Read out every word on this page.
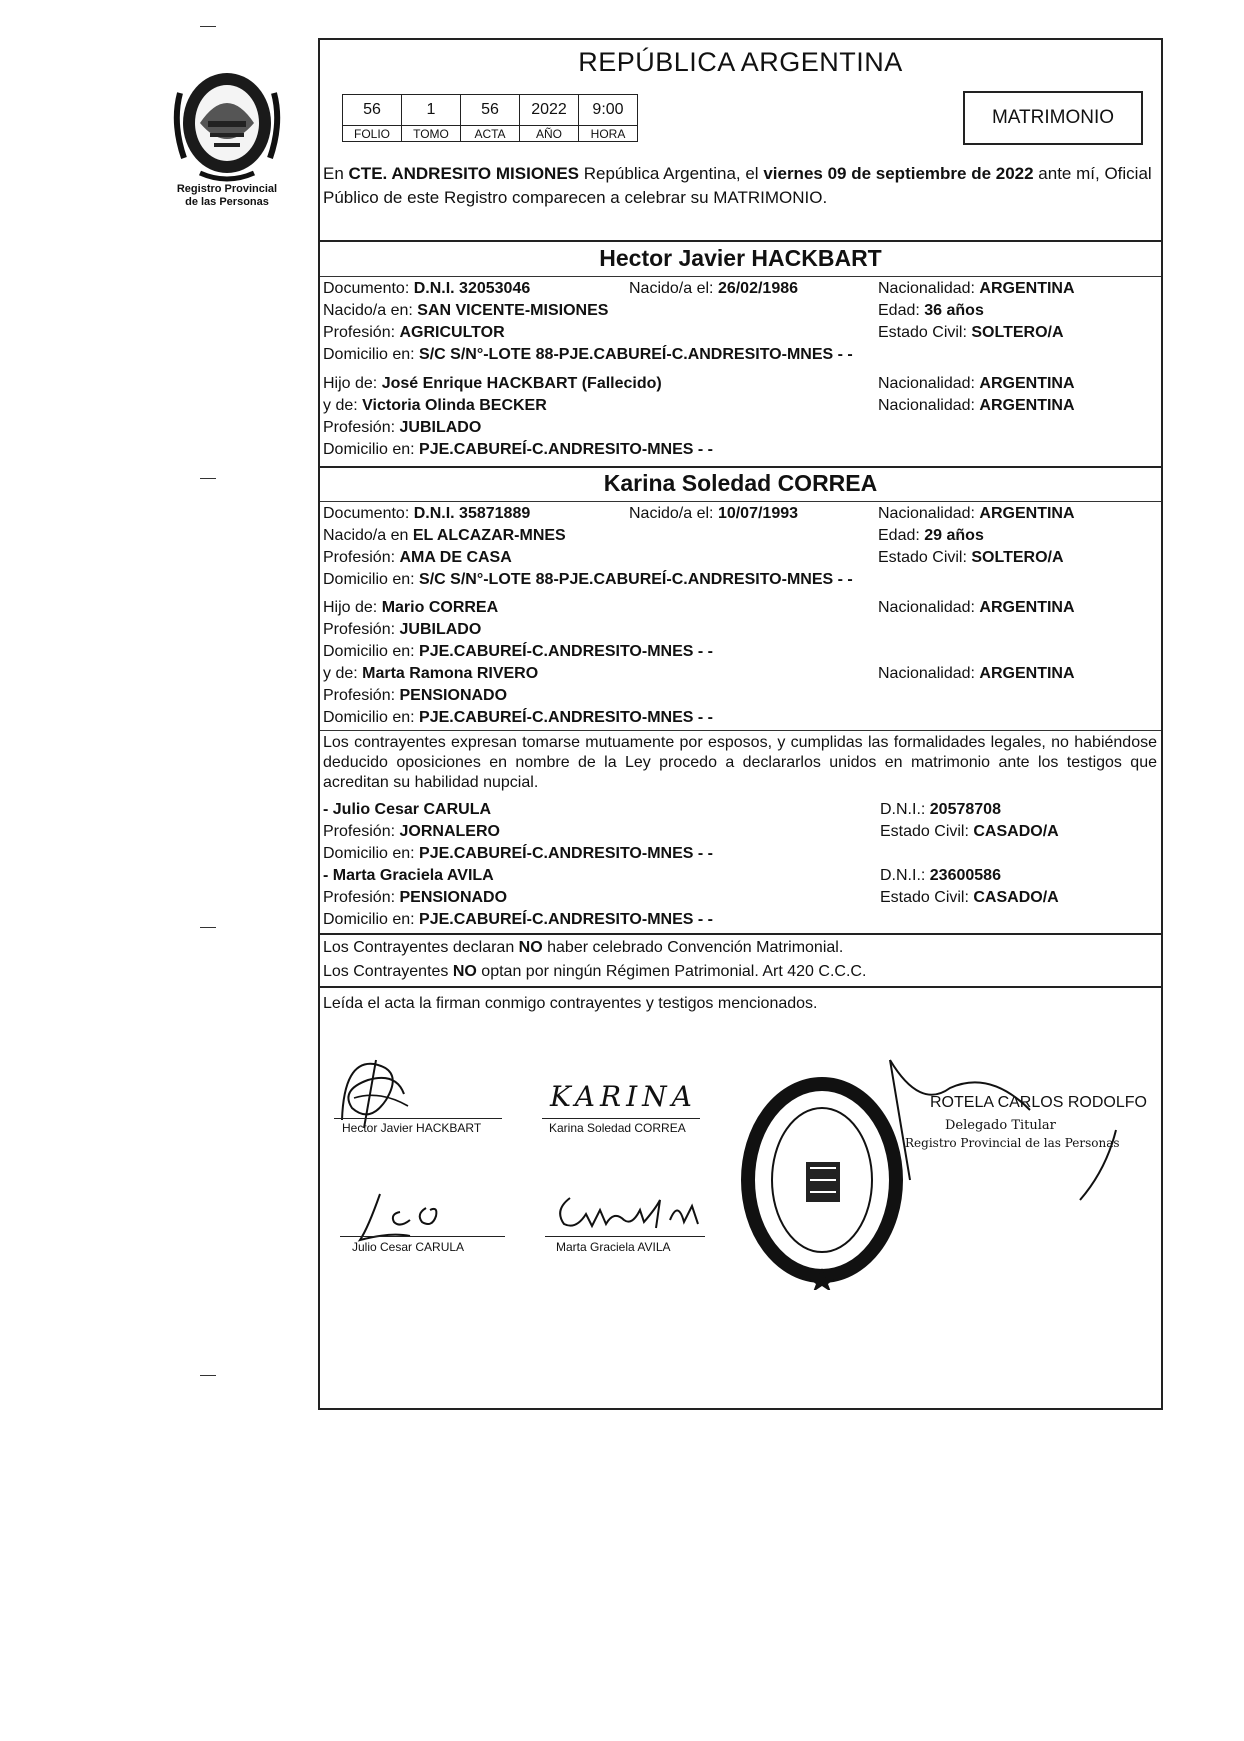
Registro Provincial
de las Personas
REPÚBLICA ARGENTINA
56	1	56	2022	9:00
FOLIO	TOMO	ACTA	AÑO	HORA
MATRIMONIO
En CTE. ANDRESITO MISIONES República Argentina, el viernes 09 de septiembre de 2022 ante mí, Oficial Público de este Registro comparecen a celebrar su MATRIMONIO.
Hector Javier HACKBART
Documento: D.N.I. 32053046	Nacido/a el: 26/02/1986	Nacionalidad: ARGENTINA
Nacido/a en: SAN VICENTE-MISIONES	Edad: 36 años
Profesión: AGRICULTOR	Estado Civil: SOLTERO/A
Domicilio en: S/C S/N°-LOTE 88-PJE.CABUREÍ-C.ANDRESITO-MNES - -
Hijo de: José Enrique HACKBART (Fallecido)	Nacionalidad: ARGENTINA
y de: Victoria Olinda BECKER	Nacionalidad: ARGENTINA
Profesión: JUBILADO
Domicilio en: PJE.CABUREÍ-C.ANDRESITO-MNES - -
Karina Soledad CORREA
Documento: D.N.I. 35871889	Nacido/a el: 10/07/1993	Nacionalidad: ARGENTINA
Nacido/a en EL ALCAZAR-MNES	Edad: 29 años
Profesión: AMA DE CASA	Estado Civil: SOLTERO/A
Domicilio en: S/C S/N°-LOTE 88-PJE.CABUREÍ-C.ANDRESITO-MNES - -
Hijo de: Mario CORREA	Nacionalidad: ARGENTINA
Profesión: JUBILADO
Domicilio en: PJE.CABUREÍ-C.ANDRESITO-MNES - -
y de: Marta Ramona RIVERO	Nacionalidad: ARGENTINA
Profesión: PENSIONADO
Domicilio en: PJE.CABUREÍ-C.ANDRESITO-MNES - -
Los contrayentes expresan tomarse mutuamente por esposos, y cumplidas las formalidades legales, no habiéndose deducido oposiciones en nombre de la Ley procedo a declararlos unidos en matrimonio ante los testigos que acreditan su habilidad nupcial.
- Julio Cesar CARULA	D.N.I.: 20578708
Profesión: JORNALERO	Estado Civil: CASADO/A
Domicilio en: PJE.CABUREÍ-C.ANDRESITO-MNES - -
- Marta Graciela AVILA	D.N.I.: 23600586
Profesión: PENSIONADO	Estado Civil: CASADO/A
Domicilio en: PJE.CABUREÍ-C.ANDRESITO-MNES - -
Los Contrayentes declaran NO haber celebrado Convención Matrimonial.
Los Contrayentes NO optan por ningún Régimen Patrimonial. Art 420 C.C.C.
Leída el acta la firman conmigo contrayentes y testigos mencionados.
Hector Javier HACKBART
KARINA
Karina Soledad CORREA
Julio Cesar CARULA	Marta Graciela AVILA
ROTELA CARLOS RODOLFO
Delegado Titular
Registro Provincial de las Personas
